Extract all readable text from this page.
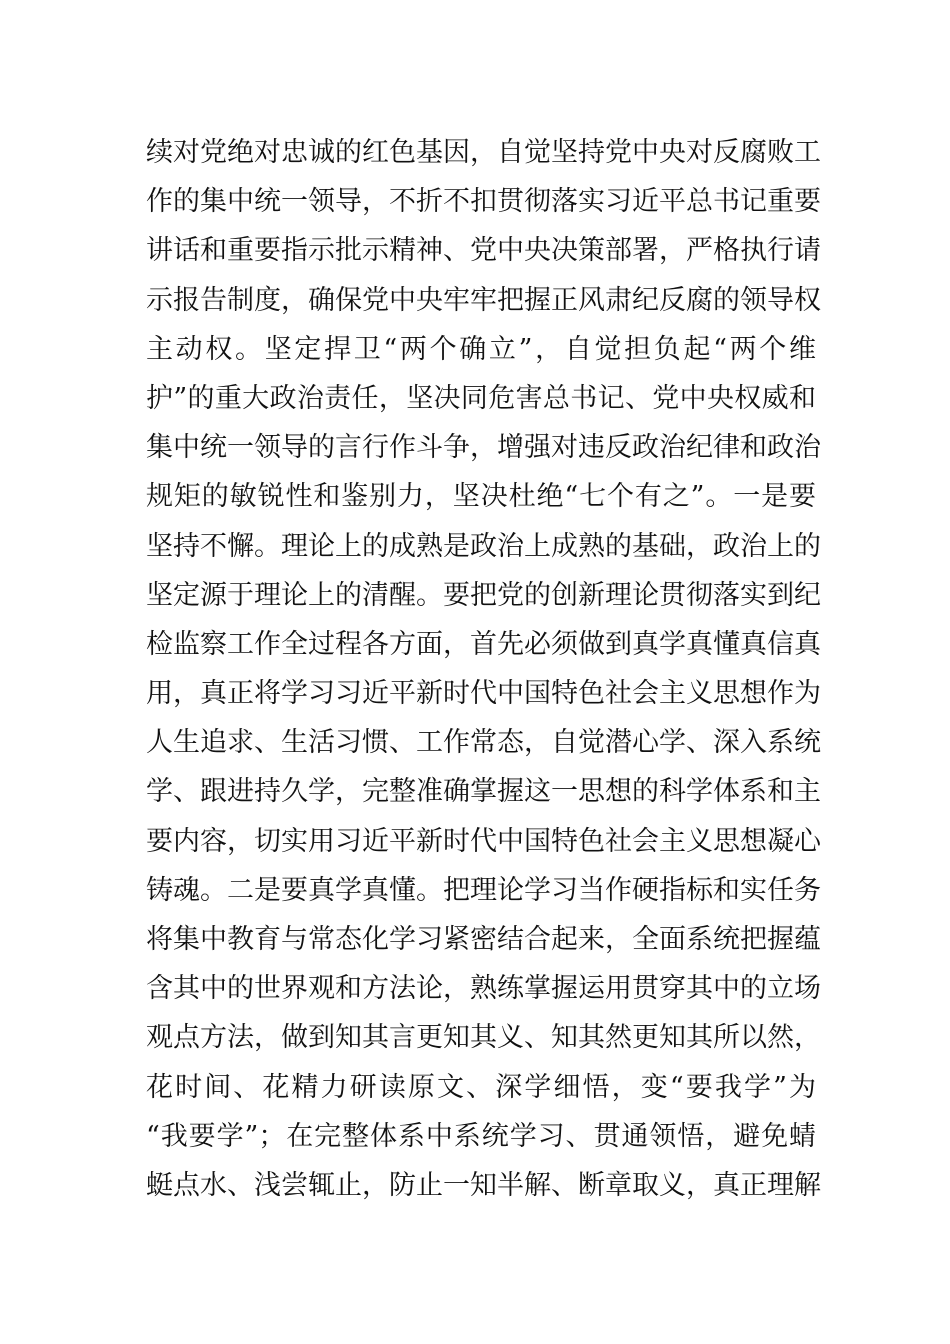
续对党绝对忠诚的红色基因，自觉坚持党中央对反腐败工
作的集中统一领导，不折不扣贯彻落实习近平总书记重要
讲话和重要指示批示精神、党中央决策部署，严格执行请
示报告制度，确保党中央牢牢把握正风肃纪反腐的领导权
主动权。坚定捍卫“两个确立”，自觉担负起“两个维
护”的重大政治责任，坚决同危害总书记、党中央权威和
集中统一领导的言行作斗争，增强对违反政治纪律和政治
规矩的敏锐性和鉴别力，坚决杜绝“七个有之”。一是要
坚持不懈。理论上的成熟是政治上成熟的基础，政治上的
坚定源于理论上的清醒。要把党的创新理论贯彻落实到纪
检监察工作全过程各方面，首先必须做到真学真懂真信真
用，真正将学习习近平新时代中国特色社会主义思想作为
人生追求、生活习惯、工作常态，自觉潜心学、深入系统
学、跟进持久学，完整准确掌握这一思想的科学体系和主
要内容，切实用习近平新时代中国特色社会主义思想凝心
铸魂。二是要真学真懂。把理论学习当作硬指标和实任务
将集中教育与常态化学习紧密结合起来，全面系统把握蕴
含其中的世界观和方法论，熟练掌握运用贯穿其中的立场
观点方法，做到知其言更知其义、知其然更知其所以然，
花时间、花精力研读原文、深学细悟，变“要我学”为
“我要学”；在完整体系中系统学习、贯通领悟，避免蜻
蜓点水、浅尝辄止，防止一知半解、断章取义，真正理解
